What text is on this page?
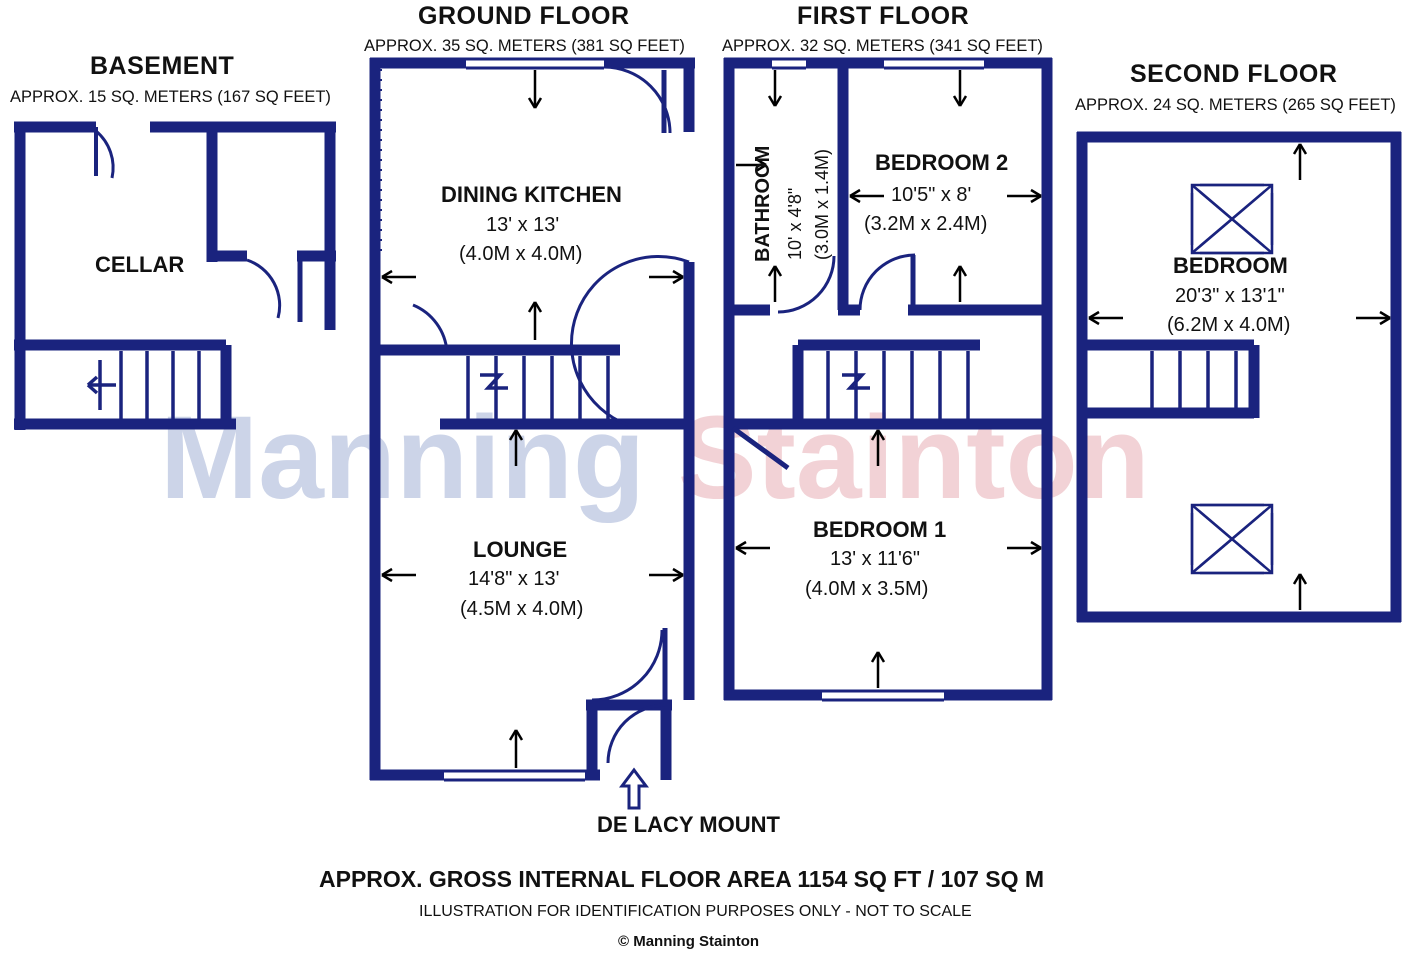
Manning Stainton
BASEMENT
APPROX. 15 SQ. METERS (167 SQ FEET)
CELLAR
GROUND FLOOR
APPROX. 35 SQ. METERS (381 SQ FEET)
DINING KITCHEN
13' x 13'
(4.0M x 4.0M)
LOUNGE
14'8" x 13'
(4.5M x 4.0M)
FIRST FLOOR
APPROX. 32 SQ. METERS (341 SQ FEET)
BATHROOM 10' x 4'8" (3.0M x 1.4M) BEDROOM 2
10'5" x 8'
(3.2M x 2.4M)
BEDROOM 1
13' x 11'6"
(4.0M x 3.5M)
SECOND FLOOR
APPROX. 24 SQ. METERS (265 SQ FEET)
BEDROOM
20'3" x 13'1"
(6.2M x 4.0M)
DE LACY MOUNT
APPROX. GROSS INTERNAL FLOOR AREA 1154 SQ FT / 107 SQ M
ILLUSTRATION FOR IDENTIFICATION PURPOSES ONLY - NOT TO SCALE
© Manning Stainton
